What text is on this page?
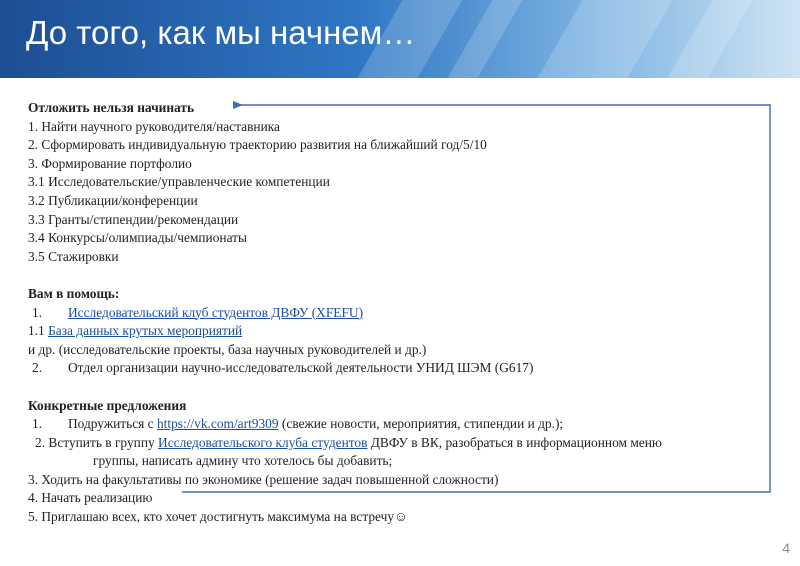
До того, как мы начнем…
Отложить нельзя начинать
1. Найти научного руководителя/наставника
2. Сформировать индивидуальную траекторию развития на ближайший год/5/10
3. Формирование портфолио
3.1 Исследовательские/управленческие компетенции
3.2 Публикации/конференции
3.3 Гранты/стипендии/рекомендации
3.4 Конкурсы/олимпиады/чемпионаты
3.5 Стажировки
Вам в помощь:
1. Исследовательский клуб студентов ДВФУ (XFEFU)
1.1 База данных крутых мероприятий
и др. (исследовательские проекты, база научных руководителей и др.)
2. Отдел организации научно-исследовательской деятельности УНИД ШЭМ (G617)
Конкретные предложения
1. Подружиться с https://vk.com/art9309 (свежие новости, мероприятия, стипендии и др.);
2. Вступить в группу Исследовательского клуба студентов ДВФУ в ВК, разобраться в информационном меню
группы, написать админу что хотелось бы добавить;
3. Ходить на факультативы по экономике (решение задач повышенной сложности)
4. Начать реализацию
5. Приглашаю всех, кто хочет достигнуть максимума на встречу☺
4
